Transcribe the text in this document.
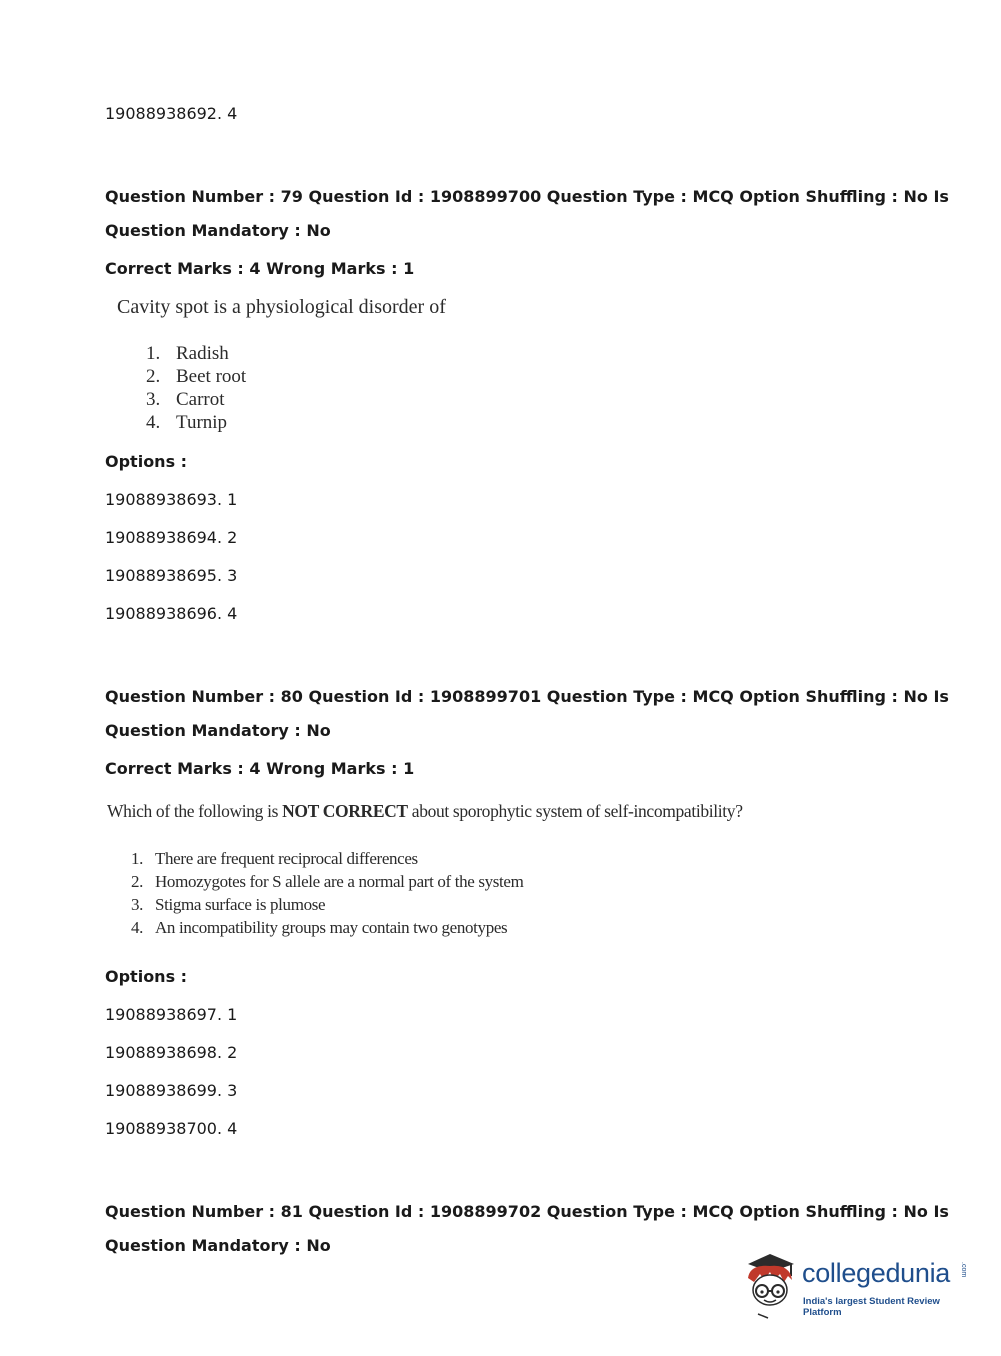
19088938692. 4
Question Number : 79 Question Id : 1908899700 Question Type : MCQ Option Shuffling : No Is
Question Mandatory : No
Correct Marks : 4 Wrong Marks : 1
Cavity spot is a physiological disorder of
1. Radish
2. Beet root
3. Carrot
4. Turnip
Options :
19088938693. 1
19088938694. 2
19088938695. 3
19088938696. 4
Question Number : 80 Question Id : 1908899701 Question Type : MCQ Option Shuffling : No Is
Question Mandatory : No
Correct Marks : 4 Wrong Marks : 1
Which of the following is NOT CORRECT about sporophytic system of self-incompatibility?
1. There are frequent reciprocal differences
2. Homozygotes for S allele are a normal part of the system
3. Stigma surface is plumose
4. An incompatibility groups may contain two genotypes
Options :
19088938697. 1
19088938698. 2
19088938699. 3
19088938700. 4
Question Number : 81 Question Id : 1908899702 Question Type : MCQ Option Shuffling : No Is
Question Mandatory : No
collegedunia .com
India's largest Student Review Platform
